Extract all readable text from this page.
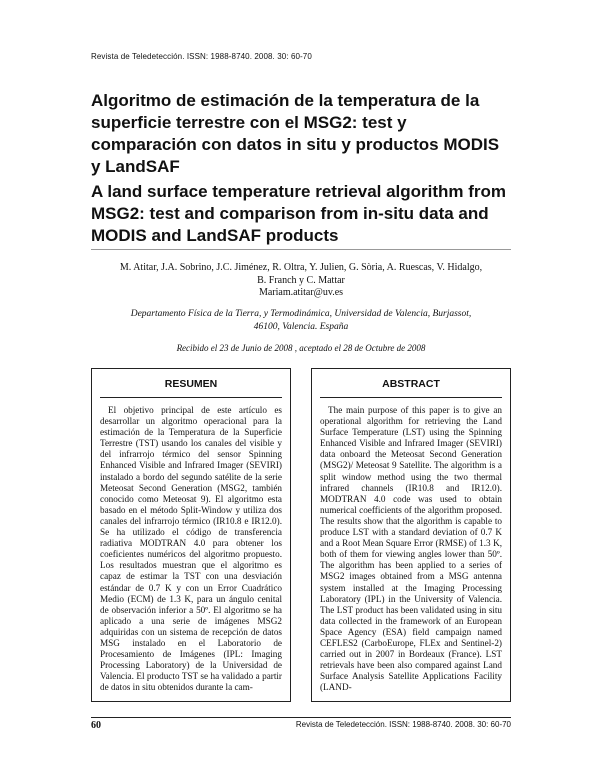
Revista de Teledetección. ISSN: 1988-8740. 2008. 30: 60-70
Algoritmo de estimación de la temperatura de la superficie terrestre con el MSG2: test y comparación con datos in situ y productos MODIS y LandSAF
A land surface temperature retrieval algorithm from MSG2: test and comparison from in-situ data and MODIS and LandSAF products
M. Atitar, J.A. Sobrino, J.C. Jiménez, R. Oltra, Y. Julien, G. Sòria, A. Ruescas, V. Hidalgo,
B. Franch y C. Mattar
Mariam.atitar@uv.es
Departamento Física de la Tierra, y Termodinámica, Universidad de Valencia, Burjassot,
46100, Valencia. España
Recibido el 23 de Junio de 2008 , aceptado el 28 de Octubre de 2008
RESUMEN
El objetivo principal de este artículo es desarrollar un algoritmo operacional para la estimación de la Temperatura de la Superficie Terrestre (TST) usando los canales del visible y del infrarrojo térmico del sensor Spinning Enhanced Visible and Infrared Imager (SEVIRI) instalado a bordo del segundo satélite de la serie Meteosat Second Generation (MSG2, también conocido como Meteosat 9). El algoritmo esta basado en el método Split-Window y utiliza dos canales del infrarrojo térmico (IR10.8 e IR12.0). Se ha utilizado el código de transferencia radiativa MODTRAN 4.0 para obtener los coeficientes numéricos del algoritmo propuesto. Los resultados muestran que el algoritmo es capaz de estimar la TST con una desviación estándar de 0.7 K y con un Error Cuadrático Medio (ECM) de 1.3 K, para un ángulo cenital de observación inferior a 50º. El algoritmo se ha aplicado a una serie de imágenes MSG2 adquiridas con un sistema de recepción de datos MSG instalado en el Laboratorio de Procesamiento de Imágenes (IPL: Imaging Processing Laboratory) de la Universidad de Valencia. El producto TST se ha validado a partir de datos in situ obtenidos durante la cam-
ABSTRACT
The main purpose of this paper is to give an operational algorithm for retrieving the Land Surface Temperature (LST) using the Spinning Enhanced Visible and Infrared Imager (SEVIRI) data onboard the Meteosat Second Generation (MSG2)/ Meteosat 9 Satellite. The algorithm is a split window method using the two thermal infrared channels (IR10.8 and IR12.0). MODTRAN 4.0 code was used to obtain numerical coefficients of the algorithm proposed. The results show that the algorithm is capable to produce LST with a standard deviation of 0.7 K and a Root Mean Square Error (RMSE) of 1.3 K, both of them for viewing angles lower than 50º. The algorithm has been applied to a series of MSG2 images obtained from a MSG antenna system installed at the Imaging Processing Laboratory (IPL) in the University of Valencia. The LST product has been validated using in situ data collected in the framework of an European Space Agency (ESA) field campaign named CEFLES2 (CarboEurope, FLEx and Sentinel-2) carried out in 2007 in Bordeaux (France). LST retrievals have been also compared against Land Surface Analysis Satellite Applications Facility (LAND-
60	Revista de Teledetección. ISSN: 1988-8740. 2008. 30: 60-70
